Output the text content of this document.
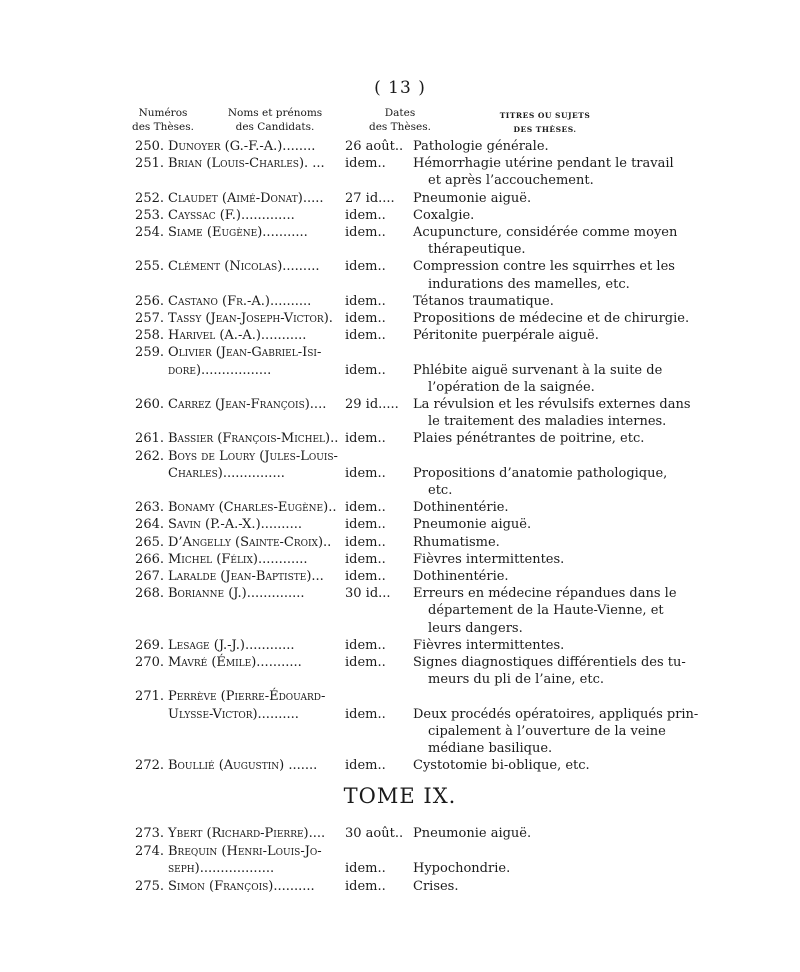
( 13 )
Numéros
des Thèses.
Noms et prénoms
des Candidats.
Dates
des Thèses.
TITRES OU SUJETS
DES THÈSES.
250. Dunoyer (G.-F.-A.)........ 26 août.. Pathologie générale.
251. Brian (Louis-Charles). ... idem.. Hémorrhagie utérine pendant le travail
et après l’accouchement.
252. Claudet (Aimé-Donat)..... 27 id.... Pneumonie aiguë.
253. Cayssac (F.).............	idem.. Coxalgie.
254. Siame (Eugène)...........	idem.. Acupuncture, considérée comme moyen
thérapeutique.
255. Clément (Nicolas)......... idem.. Compression contre les squirrhes et les
indurations des mamelles, etc.
256. Castano (Fr.-A.)..........	idem.. Tétanos traumatique.
257. Tassy (Jean-Joseph-Victor). idem.. Propositions de médecine et de chirurgie.
258. Harivel (A.-A.)...........	idem.. Péritonite puerpérale aiguë.
259. Olivier (Jean-Gabriel-Isi-
dore).................	idem.. Phlébite aiguë survenant à la suite de
l’opération de la saignée.
260. Carrez (Jean-François).... 29 id..... La révulsion et les révulsifs externes dans
le traitement des maladies internes.
261. Bassier (François-Michel).. idem.. Plaies pénétrantes de poitrine, etc.
262. Boys de Loury (Jules-Louis-
Charles)...............	idem.. Propositions d’anatomie pathologique,
etc.
263. Bonamy (Charles-Eugène).. idem.. Dothinentérie.
264. Savin (P.-A.-X.)..........	idem.. Pneumonie aiguë.
265. D’Angelly (Sainte-Croix).. idem.. Rhumatisme.
266. Michel (Félix)............	idem.. Fièvres intermittentes.
267. Laralde (Jean-Baptiste)... idem.. Dothinentérie.
268. Borianne (J.)..............	30 id... Erreurs en médecine répandues dans le
département de la Haute-Vienne, et
leurs dangers.
269. Lesage (J.-J.)............	idem.. Fièvres intermittentes.
270. Mavré (Émile)...........	idem.. Signes diagnostiques différentiels des tu-
meurs du pli de l’aine, etc.
271. Perrève (Pierre-Édouard-
Ulysse-Victor)..........	idem.. Deux procédés opératoires, appliqués prin-
cipalement à l’ouverture de la veine
médiane basilique.
272. Boullié (Augustin) ....... idem.. Cystotomie bi-oblique, etc.
TOME IX.
273. Ybert (Richard-Pierre).... 30 août.. Pneumonie aiguë.
274. Brequin (Henri-Louis-Jo-
seph)..................	idem.. Hypochondrie.
275. Simon (François).......... idem.. Crises.
